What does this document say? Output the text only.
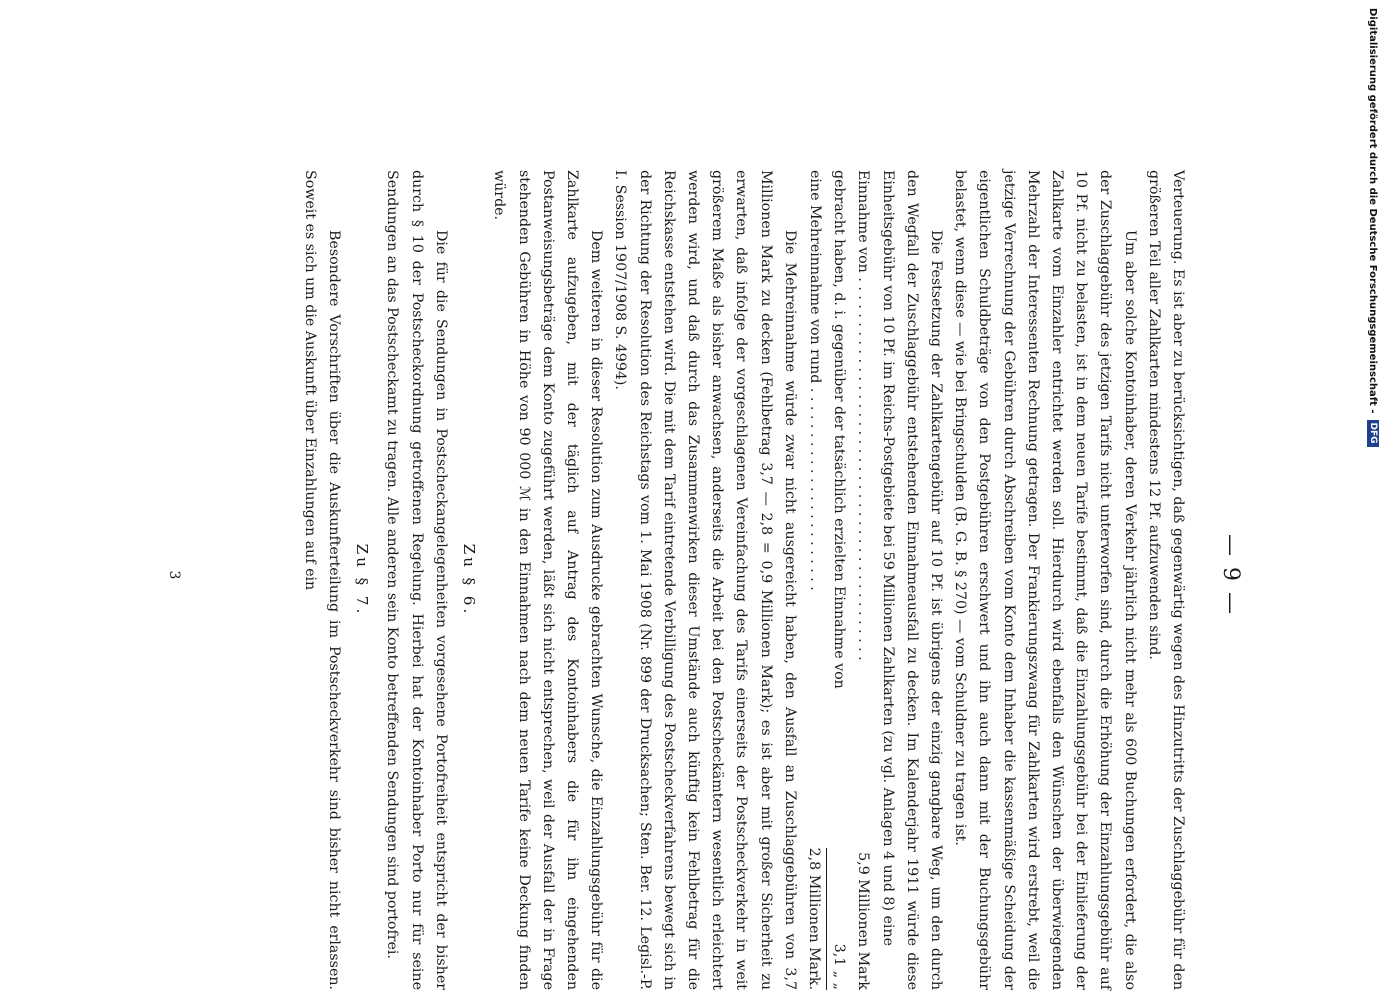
— 9 —

Verteuerung. Es ist aber zu berücksichtigen, daß gegenwärtig wegen des Hinzutritts der Zuschlaggebühr für den größeren Teil aller Zahlkarten mindestens 12 Pf. aufzuwenden sind.

Um aber solche Kontoinhaber, deren Verkehr jährlich nicht mehr als 600 Buchungen erfordert, die also der Zuschlaggebühr des jetzigen Tarifs nicht unterworfen sind, durch die Erhöhung der Einzahlungsgebühr auf 10 Pf. nicht zu belasten, ist in dem neuen Tarife bestimmt, daß die Einzahlungsgebühr bei der Einlieferung der Zahlkarte vom Einzahler entrichtet werden soll. Hierdurch wird ebenfalls den Wünschen der überwiegenden Mehrzahl der Interessenten Rechnung getragen. Der Frankierungszwang für Zahlkarten wird erstrebt, weil die jetzige Verrechnung der Gebühren durch Abschreiben vom Konto dem Inhaber die kassenmäßige Scheidung der eigentlichen Schuldbeträge von den Postgebühren erschwert und ihn auch dann mit der Buchungsgebühr belastet, wenn diese — wie bei Bringschulden (B. G. B. § 270) — vom Schuldner zu tragen ist.

Die Festsetzung der Zahlkartengebühr auf 10 Pf. ist übrigens der einzig gangbare Weg, um den durch den Wegfall der Zuschlaggebühr entstehenden Einnahmeausfall zu decken. Im Kalenderjahr 1911 würde diese Einheitsgebühr von 10 Pf. im Reichs-Postgebiete bei 59 Millionen Zahlkarten (zu vgl. Anlagen 4 und 8) eine

Einnahme von . . . . . . . . . . . . . . . . . . . . . . . . . . . . . . . . . . . . . . . . . . .
5,9 Millionen Mark
gebracht haben, d. i. gegenüber der tatsächlich erzielten Einnahme von
3,1 „ „
eine Mehreinnahme von rund . . . . . . . . . . . . . . . . . . . . . . .
2,8 Millionen Mark.

Die Mehreinnahme würde zwar nicht ausgereicht haben, den Ausfall an Zuschlaggebühren von 3,7 Millionen Mark zu decken (Fehlbetrag 3,7 — 2,8 = 0,9 Millionen Mark); es ist aber mit großer Sicherheit zu erwarten, daß infolge der vorgeschlagenen Vereinfachung des Tarifs einerseits der Postscheckverkehr in weit größerem Maße als bisher anwachsen, anderseits die Arbeit bei den Postscheckämtern wesentlich erleichtert werden wird, und daß durch das Zusammenwirken dieser Umstände auch künftig kein Fehlbetrag für die Reichskasse entstehen wird. Die mit dem Tarif eintretende Verbilligung des Postscheckverfahrens bewegt sich in der Richtung der Resolution des Reichstags vom 1. Mai 1908 (Nr. 899 der Drucksachen; Sten. Ber. 12. Legisl.-P. I. Session 1907/1908 S. 4994).

Dem weiteren in dieser Resolution zum Ausdrucke gebrachten Wunsche, die Einzahlungsgebühr für die Zahlkarte aufzugeben, mit der täglich auf Antrag des Kontoinhabers die für ihn eingehenden Postanweisungsbeträge dem Konto zugeführt werden, läßt sich nicht entsprechen, weil der Ausfall der in Frage stehenden Gebühren in Höhe von 90 000 ℳ in den Einnahmen nach dem neuen Tarife keine Deckung finden würde.

Zu § 6.

Die für die Sendungen in Postscheckangelegenheiten vorgesehene Portofreiheit entspricht der bisher durch § 10 der Postscheckordnung getroffenen Regelung. Hierbei hat der Kontoinhaber Porto nur für seine Sendungen an das Postscheckamt zu tragen. Alle anderen sein Konto betreffenden Sendungen sind portofrei.

Zu § 7.

Besondere Vorschriften über die Auskunfterteilung im Postscheckverkehr sind bisher nicht erlassen. Soweit es sich um die Auskunft über Einzahlungen auf ein

3
Digitalisierung gefördert durch die Deutsche Forschungsgemeinschaft -
DFG
